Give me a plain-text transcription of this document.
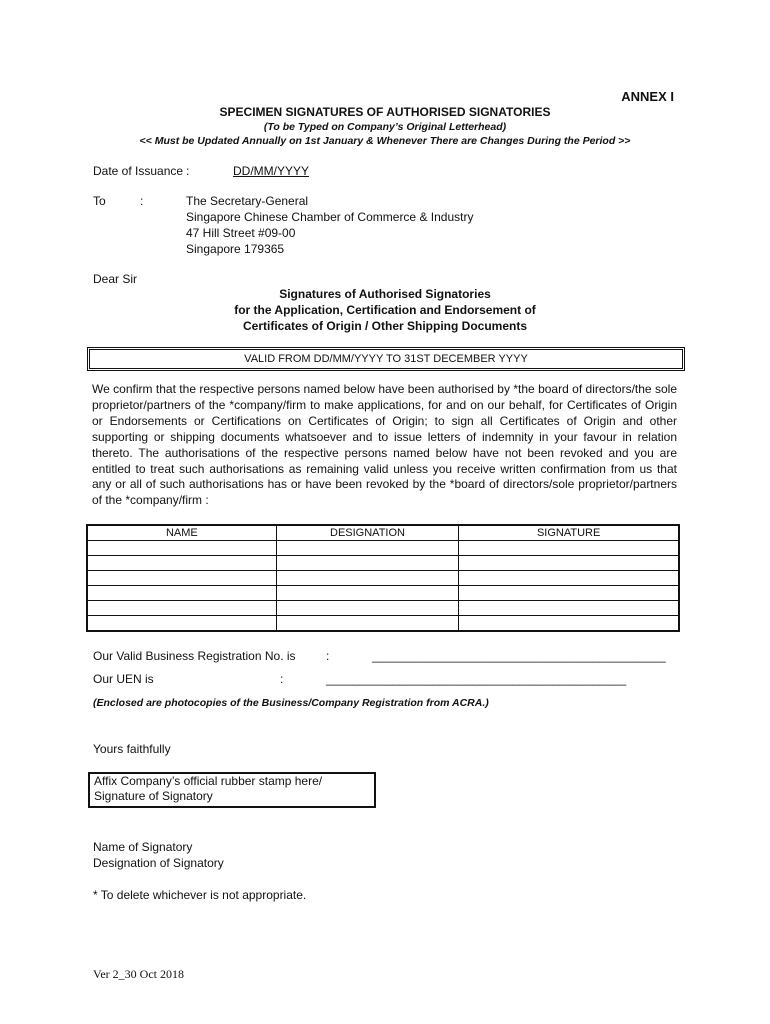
ANNEX I
SPECIMEN SIGNATURES OF AUTHORISED SIGNATORIES
(To be Typed on Company’s Original Letterhead)
<< Must be Updated Annually on 1st January & Whenever There are Changes During the Period >>
Date of Issuance :	DD/MM/YYYY
To	:	The Secretary-General
Singapore Chinese Chamber of Commerce & Industry
47 Hill Street #09-00
Singapore 179365
Dear Sir
Signatures of Authorised Signatories
for the Application, Certification and Endorsement of
Certificates of Origin / Other Shipping Documents
VALID FROM DD/MM/YYYY TO 31ST DECEMBER YYYY
We confirm that the respective persons named below have been authorised by *the board of directors/the sole proprietor/partners of the *company/firm to make applications, for and on our behalf, for Certificates of Origin or Endorsements or Certifications on Certificates of Origin; to sign all Certificates of Origin and other supporting or shipping documents whatsoever and to issue letters of indemnity in your favour in relation thereto. The authorisations of the respective persons named below have not been revoked and you are entitled to treat such authorisations as remaining valid unless you receive written confirmation from us that any or all of such authorisations has or have been revoked by the *board of directors/sole proprietor/partners of the *company/firm :
NAME	DESIGNATION	SIGNATURE

Our Valid Business Registration No. is	:	____________________________________________
Our UEN is	:	_____________________________________________
(Enclosed are photocopies of the Business/Company Registration from ACRA.)
Yours faithfully
Affix Company’s official rubber stamp here/
Signature of Signatory
Name of Signatory
Designation of Signatory
* To delete whichever is not appropriate.
Ver 2_30 Oct 2018
